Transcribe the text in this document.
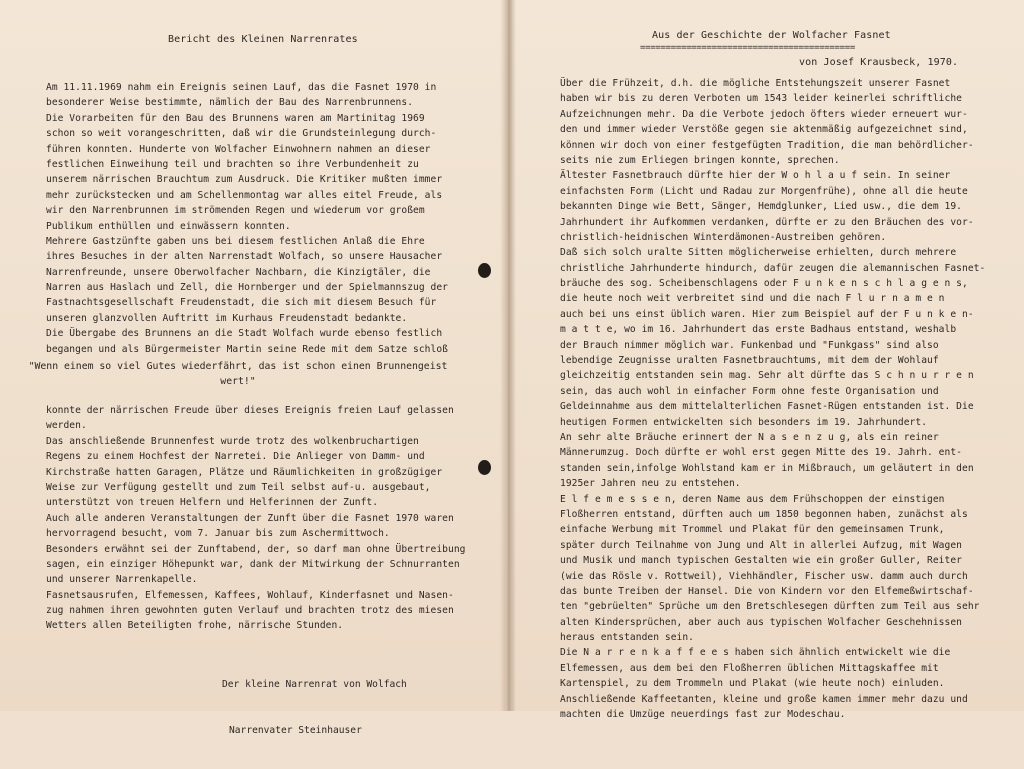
Bericht des Kleinen Narrenrates
Am 11.11.1969 nahm ein Ereignis seinen Lauf, das die Fasnet 1970 in
besonderer Weise bestimmte, nämlich der Bau des Narrenbrunnens.
Die Vorarbeiten für den Bau des Brunnens waren am Martinitag 1969
schon so weit vorangeschritten, daß wir die Grundsteinlegung durch-
führen konnten. Hunderte von Wolfacher Einwohnern nahmen an dieser
festlichen Einweihung teil und brachten so ihre Verbundenheit zu
unserem närrischen Brauchtum zum Ausdruck. Die Kritiker mußten immer
mehr zurückstecken und am Schellenmontag war alles eitel Freude, als
wir den Narrenbrunnen im strömenden Regen und wiederum vor großem
Publikum enthüllen und einwässern konnten.
Mehrere Gastzünfte gaben uns bei diesem festlichen Anlaß die Ehre
ihres Besuches in der alten Narrenstadt Wolfach, so unsere Hausacher
Narrenfreunde, unsere Oberwolfacher Nachbarn, die Kinzigtäler, die
Narren aus Haslach und Zell, die Hornberger und der Spielmannszug der
Fastnachtsgesellschaft Freudenstadt, die sich mit diesem Besuch für
unseren glanzvollen Auftritt im Kurhaus Freudenstadt bedankte.
Die Übergabe des Brunnens an die Stadt Wolfach wurde ebenso festlich
begangen und als Bürgermeister Martin seine Rede mit dem Satze schloß
"Wenn einem so viel Gutes wiederfährt, das ist schon einen Brunnengeist wert!"
konnte der närrischen Freude über dieses Ereignis freien Lauf gelassen
werden.
Das anschließende Brunnenfest wurde trotz des wolkenbruchartigen
Regens zu einem Hochfest der Narretei. Die Anlieger von Damm- und
Kirchstraße hatten Garagen, Plätze und Räumlichkeiten in großzügiger
Weise zur Verfügung gestellt und zum Teil selbst auf-u. ausgebaut,
unterstützt von treuen Helfern und Helferinnen der Zunft.
Auch alle anderen Veranstaltungen der Zunft über die Fasnet 1970 waren
hervorragend besucht, vom 7. Januar bis zum Aschermittwoch.
Besonders erwähnt sei der Zunftabend, der, so darf man ohne Übertreibung
sagen, ein einziger Höhepunkt war, dank der Mitwirkung der Schnurranten
und unserer Narrenkapelle.
Fasnetsausrufen, Elfemessen, Kaffees, Wohlauf, Kinderfasnet und Nasen-
zug nahmen ihren gewohnten guten Verlauf und brachten trotz des miesen
Wetters allen Beteiligten frohe, närrische Stunden.

Der kleine Narrenrat von Wolfach

Narrenvater Steinhauser

Aus der Geschichte der Wolfacher Fasnet
==========================================
von Josef Krausbeck, 1970.
Über die Frühzeit, d.h. die mögliche Entstehungszeit unserer Fasnet
haben wir bis zu deren Verboten um 1543 leider keinerlei schriftliche
Aufzeichnungen mehr. Da die Verbote jedoch öfters wieder erneuert wur-
den und immer wieder Verstöße gegen sie aktenmäßig aufgezeichnet sind,
können wir doch von einer festgefügten Tradition, die man behördlicher-
seits nie zum Erliegen bringen konnte, sprechen.
Ältester Fasnetbrauch dürfte hier der W o h l a u f sein. In seiner
einfachsten Form (Licht und Radau zur Morgenfrühe), ohne all die heute
bekannten Dinge wie Bett, Sänger, Hemdglunker, Lied usw., die dem 19.
Jahrhundert ihr Aufkommen verdanken, dürfte er zu den Bräuchen des vor-
christlich-heidnischen Winterdämonen-Austreiben gehören.
Daß sich solch uralte Sitten möglicherweise erhielten, durch mehrere
christliche Jahrhunderte hindurch, dafür zeugen die alemannischen Fasnet-
bräuche des sog. Scheibenschlagens oder F u n k e n s c h l a g e n s,
die heute noch weit verbreitet sind und die nach F l u r n a m e n
auch bei uns einst üblich waren. Hier zum Beispiel auf der F u n k e n-
m a t t e, wo im 16. Jahrhundert das erste Badhaus entstand, weshalb
der Brauch nimmer möglich war. Funkenbad und "Funkgass" sind also
lebendige Zeugnisse uralten Fasnetbrauchtums, mit dem der Wohlauf
gleichzeitig entstanden sein mag. Sehr alt dürfte das S c h n u r r e n
sein, das auch wohl in einfacher Form ohne feste Organisation und
Geldeinnahme aus dem mittelalterlichen Fasnet-Rügen entstanden ist. Die
heutigen Formen entwickelten sich besonders im 19. Jahrhundert.
An sehr alte Bräuche erinnert der N a s e n z u g, als ein reiner
Männerumzug. Doch dürfte er wohl erst gegen Mitte des 19. Jahrh. ent-
standen sein,infolge Wohlstand kam er in Mißbrauch, um geläutert in den
1925er Jahren neu zu entstehen.
E l f e m e s s e n, deren Name aus dem Frühschoppen der einstigen
Floßherren entstand, dürften auch um 1850 begonnen haben, zunächst als
einfache Werbung mit Trommel und Plakat für den gemeinsamen Trunk,
später durch Teilnahme von Jung und Alt in allerlei Aufzug, mit Wagen
und Musik und manch typischen Gestalten wie ein großer Guller, Reiter
(wie das Rösle v. Rottweil), Viehhändler, Fischer usw. damm auch durch
das bunte Treiben der Hansel. Die von Kindern vor den Elfemeßwirtschaf-
ten "gebrüelten" Sprüche um den Bretschlesegen dürften zum Teil aus sehr
alten Kindersprüchen, aber auch aus typischen Wolfacher Geschehnissen
heraus entstanden sein.
Die N a r r e n k a f f e e s haben sich ähnlich entwickelt wie die
Elfemessen, aus dem bei den Floßherren üblichen Mittagskaffee mit
Kartenspiel, zu dem Trommeln und Plakat (wie heute noch) einluden.
Anschließende Kaffeetanten, kleine und große kamen immer mehr dazu und
machten die Umzüge neuerdings fast zur Modeschau.
